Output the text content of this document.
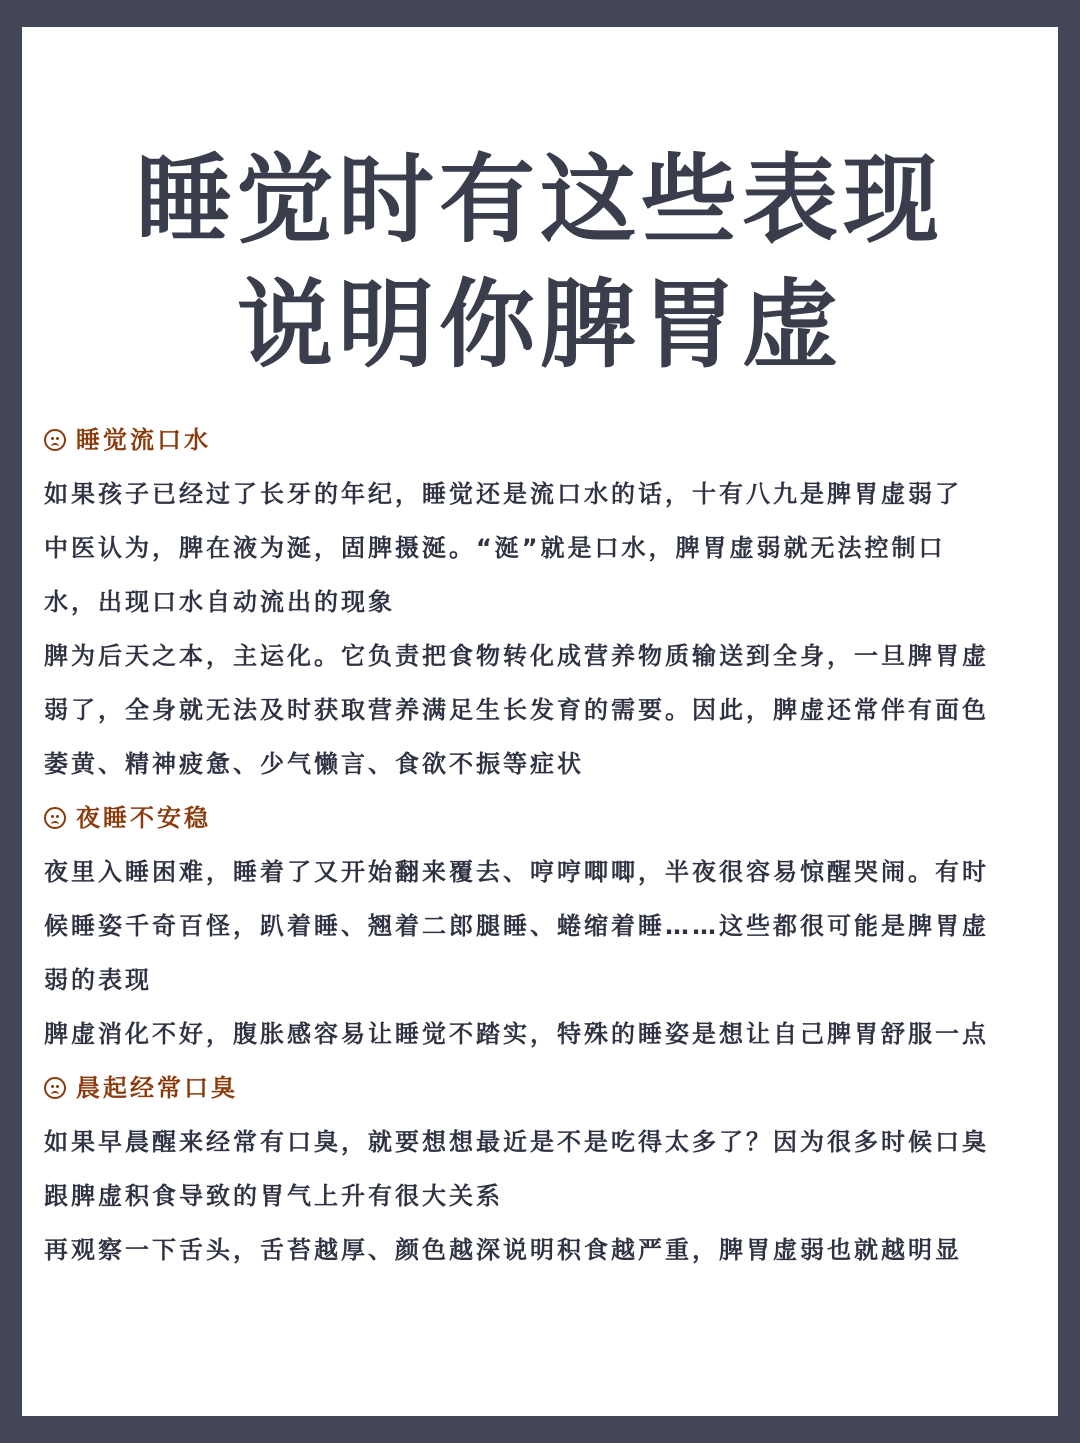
睡觉时有这些表现
说明你脾胃虚
睡觉流口水
如果孩子已经过了长牙的年纪，睡觉还是流口水的话，十有八九是脾胃虚弱了
中医认为，脾在液为涎，固脾摄涎。“涎”就是口水，脾胃虚弱就无法控制口
水，出现口水自动流出的现象
脾为后天之本，主运化。它负责把食物转化成营养物质输送到全身，一旦脾胃虚
弱了，全身就无法及时获取营养满足生长发育的需要。因此，脾虚还常伴有面色
萎黄、精神疲惫、少气懒言、食欲不振等症状
夜睡不安稳
夜里入睡困难，睡着了又开始翻来覆去、哼哼唧唧，半夜很容易惊醒哭闹。有时
候睡姿千奇百怪，趴着睡、翘着二郎腿睡、蜷缩着睡……这些都很可能是脾胃虚
弱的表现
脾虚消化不好，腹胀感容易让睡觉不踏实，特殊的睡姿是想让自己脾胃舒服一点
晨起经常口臭
如果早晨醒来经常有口臭，就要想想最近是不是吃得太多了？因为很多时候口臭
跟脾虚积食导致的胃气上升有很大关系
再观察一下舌头，舌苔越厚、颜色越深说明积食越严重，脾胃虚弱也就越明显
